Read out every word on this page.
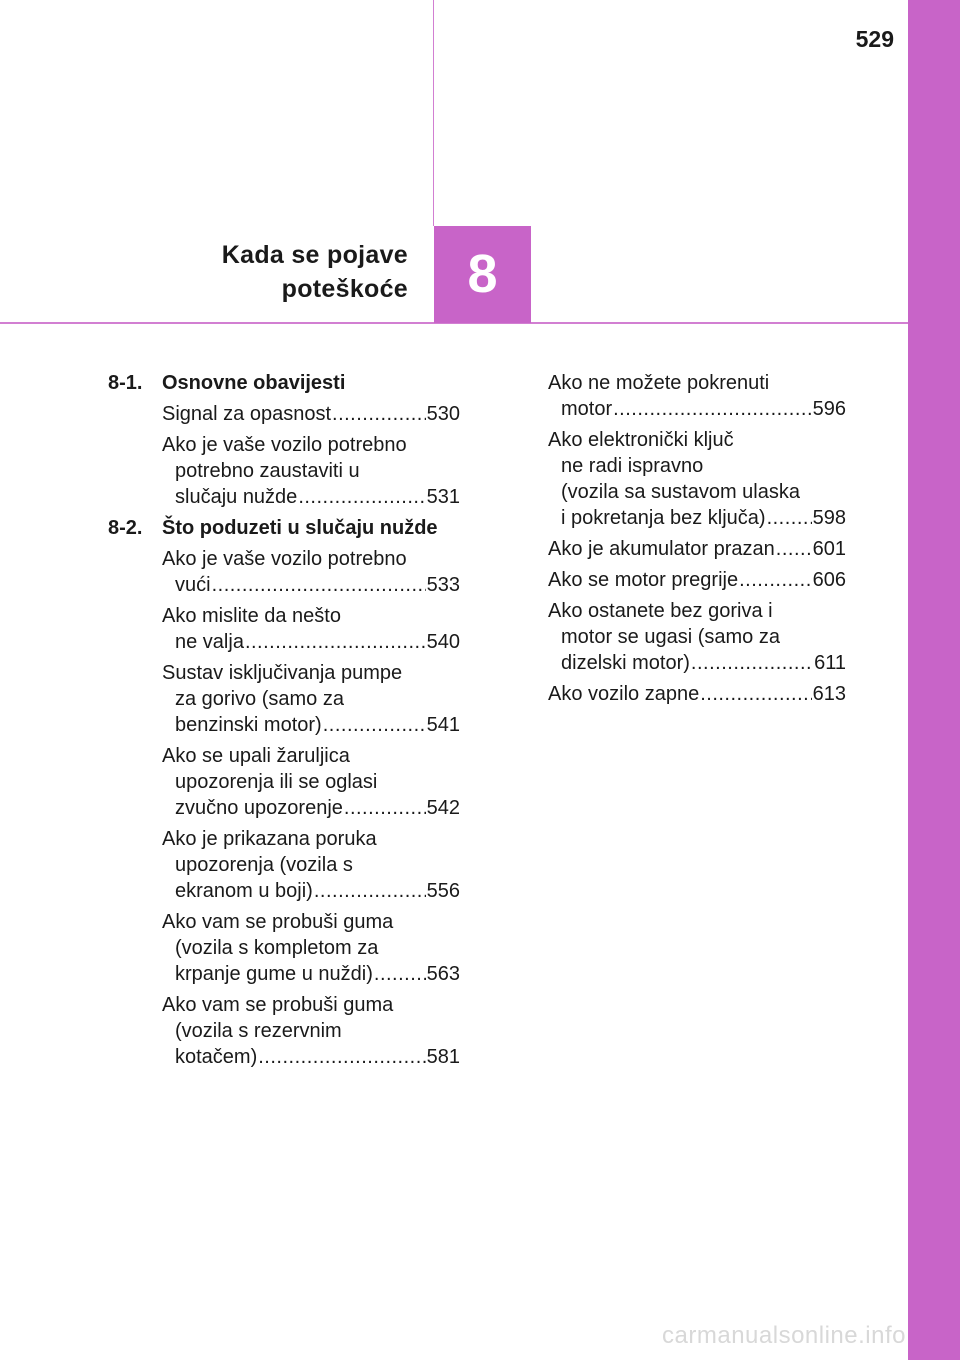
529
Kada se pojave
poteškoće	8
8-1. Osnovne obavijesti
Signal za opasnost .....	530
Ako je vaše vozilo potrebno
potrebno zaustaviti u
slučaju nužde .....	531
8-2. Što poduzeti u slučaju nužde
Ako je vaše vozilo potrebno
vući .....	533
Ako mislite da nešto
ne valja .....	540
Sustav isključivanja pumpe
za gorivo (samo za
benzinski motor) .....	541
Ako se upali žaruljica
upozorenja ili se oglasi
zvučno upozorenje .....	542
Ako je prikazana poruka
upozorenja (vozila s
ekranom u boji) .....	556
Ako vam se probuši guma
(vozila s kompletom za
krpanje gume u nuždi) .....	563
Ako vam se probuši guma
(vozila s rezervnim
kotačem) .....	581
Ako ne možete pokrenuti
motor .....	596
Ako elektronički ključ
ne radi ispravno
(vozila sa sustavom ulaska
i pokretanja bez ključa) ..... 598
Ako je akumulator prazan ..... 601
Ako se motor pregrije .....	606
Ako ostanete bez goriva i
motor se ugasi (samo za
dizelski motor) .....	611
Ako vozilo zapne .....	613
carmanualsonline.info
